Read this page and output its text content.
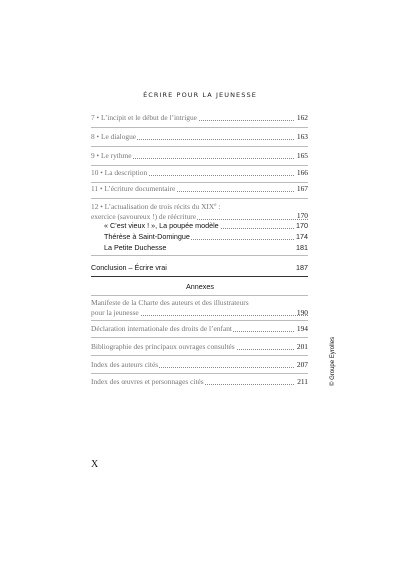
ÉCRIRE POUR LA JEUNESSE
7 • L’incipit et le début de l’intrigue	162
8 • Le dialogue	163
9 • Le rythme	165
10 • La description	166
11 • L’écriture documentaire	167
12 • L’actualisation de trois récits du XIXe :
exercice (savoureux !) de réécriture	170
« C’est vieux ! », La poupée modèle	170
Thérèse à Saint-Domingue	174
La Petite Duchesse	181
Conclusion – Écrire vrai	187
Annexes
Manifeste de la Charte des auteurs et des illustrateurs
pour la jeunesse	190
Déclaration internationale des droits de l’enfant	194
Bibliographie des principaux ouvrages consultés	201
Index des auteurs cités	207
Index des œuvres et personnages cités	211	© Groupe Eyrolles
X
